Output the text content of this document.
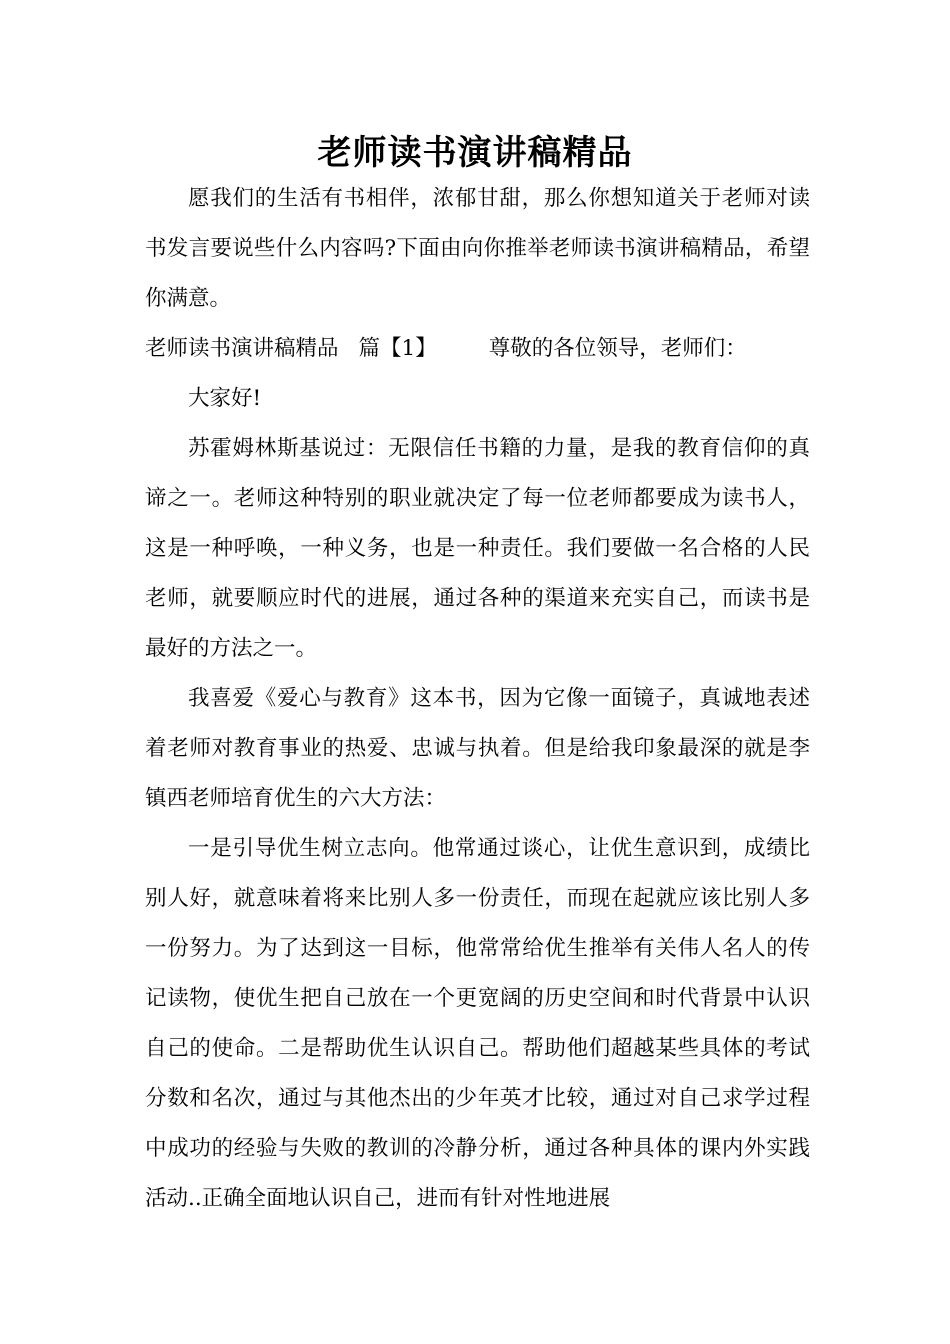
老师读书演讲稿精品

愿我们的生活有书相伴，浓郁甘甜，那么你想知道关于老师对读书发言要说些什么内容吗?下面由向你推举老师读书演讲稿精品，希望你满意。

老师读书演讲稿精品 篇【1】 尊敬的各位领导，老师们：

大家好!

苏霍姆林斯基说过：无限信任书籍的力量，是我的教育信仰的真谛之一。老师这种特别的职业就决定了每一位老师都要成为读书人，这是一种呼唤，一种义务，也是一种责任。我们要做一名合格的人民老师，就要顺应时代的进展，通过各种的渠道来充实自己，而读书是最好的方法之一。

我喜爱《爱心与教育》这本书，因为它像一面镜子，真诚地表述着老师对教育事业的热爱、忠诚与执着。但是给我印象最深的就是李镇西老师培育优生的六大方法：

一是引导优生树立志向。他常通过谈心，让优生意识到，成绩比别人好，就意味着将来比别人多一份责任，而现在起就应该比别人多一份努力。为了达到这一目标，他常常给优生推举有关伟人名人的传记读物，使优生把自己放在一个更宽阔的历史空间和时代背景中认识自己的使命。二是帮助优生认识自己。帮助他们超越某些具体的考试分数和名次，通过与其他杰出的少年英才比较，通过对自己求学过程中成功的经验与失败的教训的冷静分析，通过各种具体的课内外实践活动..正确全面地认识自己，进而有针对性地进展
